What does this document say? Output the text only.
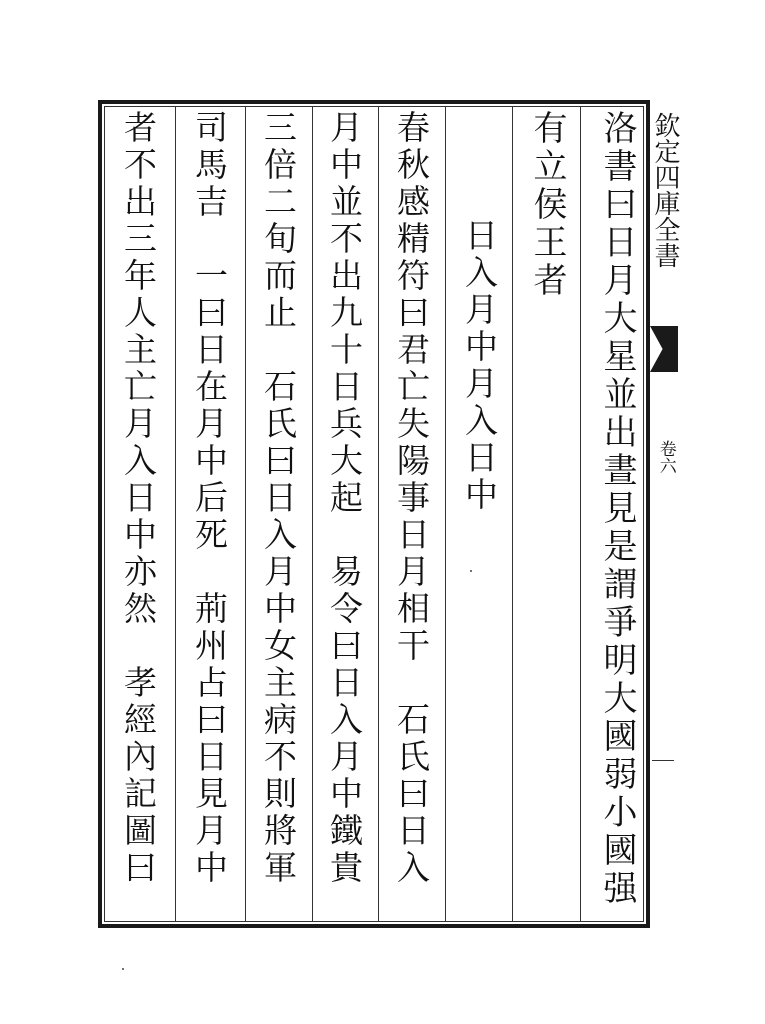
洛書曰日月大星並出晝見是謂爭明大國弱小國强
有立侯王者
日入月中月入日中
春秋感精符曰君亡失陽事日月相干　石氏曰日入
月中並不出九十日兵大起　易令曰日入月中鐵貴
三倍二旬而止　石氏曰日入月中女主病不則將軍
司馬吉　一曰日在月中后死　荊州占曰日見月中
者不出三年人主亡月入日中亦然　孝經內記圖曰	欽定四庫全書
卷六
